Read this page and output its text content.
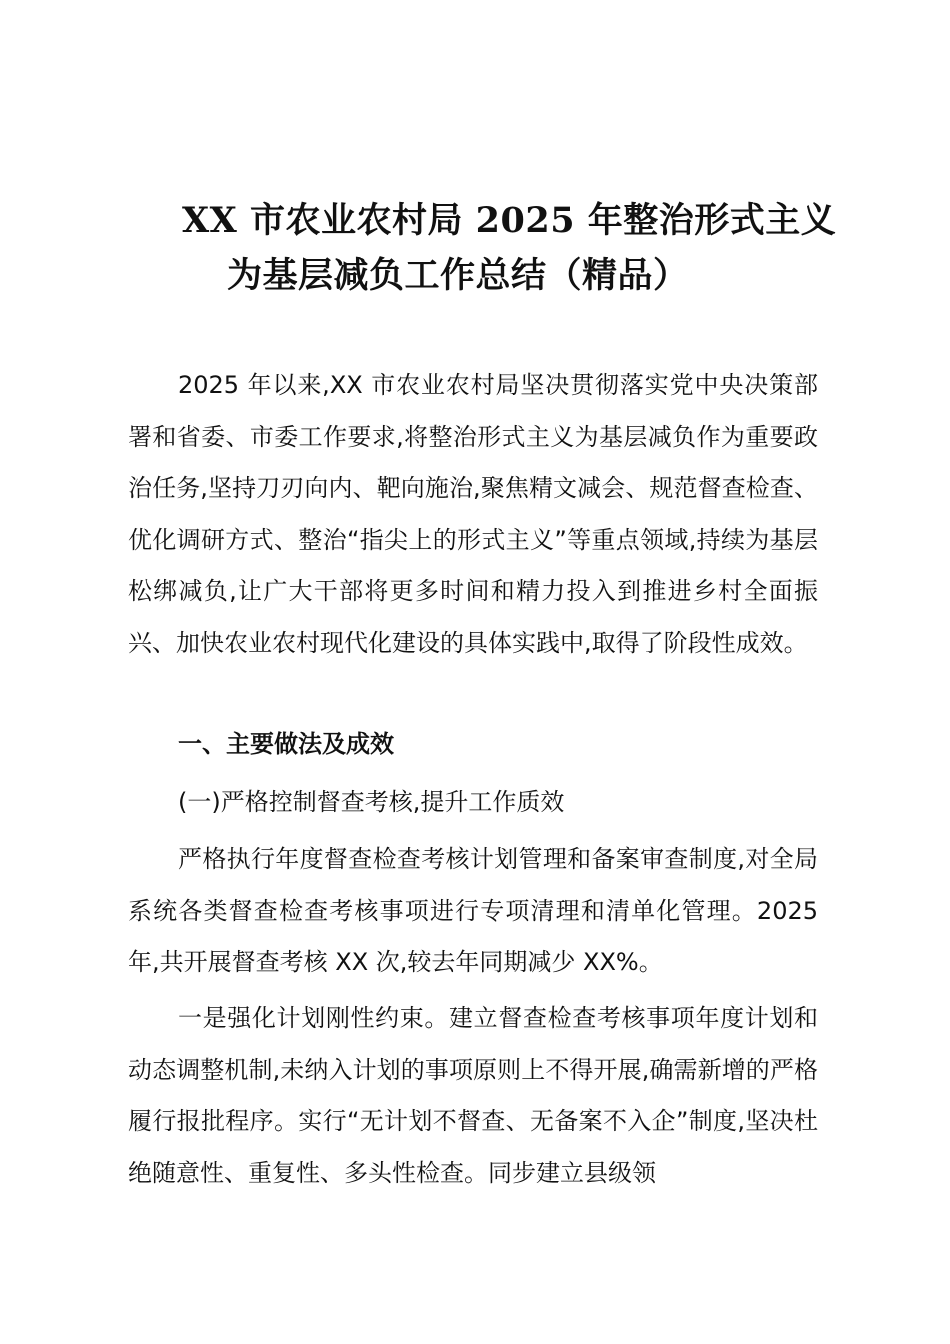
XX 市农业农村局 2025 年整治形式主义
为基层减负工作总结（精品）

2025 年以来,XX 市农业农村局坚决贯彻落实党中央决策部署和省委、市委工作要求,将整治形式主义为基层减负作为重要政治任务,坚持刀刃向内、靶向施治,聚焦精文减会、规范督查检查、优化调研方式、整治“指尖上的形式主义”等重点领域,持续为基层松绑减负,让广大干部将更多时间和精力投入到推进乡村全面振兴、加快农业农村现代化建设的具体实践中,取得了阶段性成效。

一、主要做法及成效

(一)严格控制督查考核,提升工作质效

严格执行年度督查检查考核计划管理和备案审查制度,对全局系统各类督查检查考核事项进行专项清理和清单化管理。2025 年,共开展督查考核 XX 次,较去年同期减少 XX%。

一是强化计划刚性约束。建立督查检查考核事项年度计划和动态调整机制,未纳入计划的事项原则上不得开展,确需新增的严格履行报批程序。实行“无计划不督查、无备案不入企”制度,坚决杜绝随意性、重复性、多头性检查。同步建立县级领
